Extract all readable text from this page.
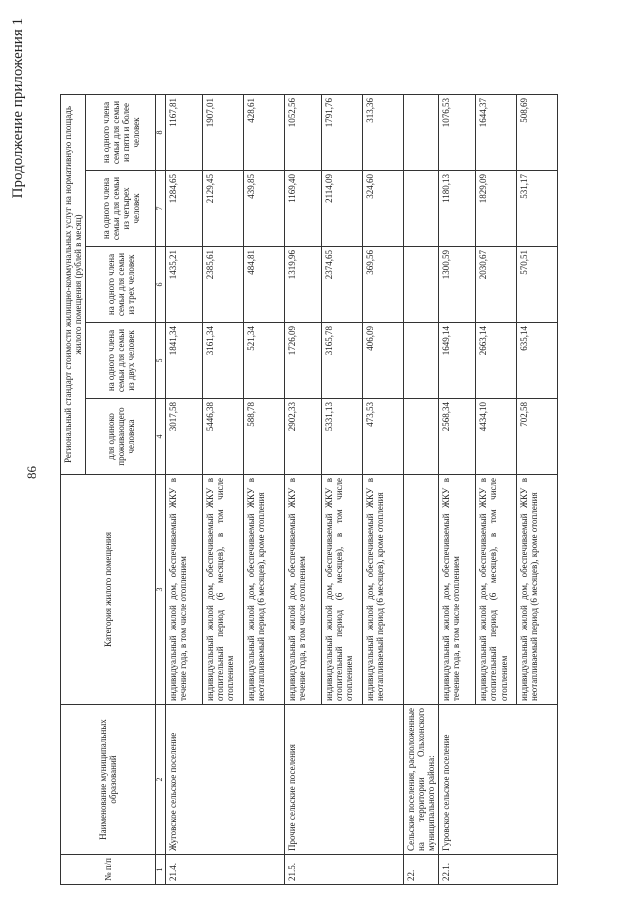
86
Продолжение приложения 1
№ п/п	Наименование муниципальных образований	Категория жилого помещения	Региональный стандарт стоимости жилищно-коммунальных услуг на нормативную площадь жилого помещения (рублей в месяц)				
			для одиноко проживающего человека	на одного члена семьи для семьи из двух человек	на одного члена семьи для семьи из трех человек	на одного члена семьи для семьи из четырех человек	на одного члена семьи для семьи из пяти и более человек
1	2	3	4	5	6	7	8
21.4.	Жуговское сельское поселение	индивидуальный жилой дом, обеспечиваемый ЖКУ в течение года, в том числе отоплением	3017,58	1841,34	1435,21	1284,65	1167,81
		индивидуальный жилой дом, обеспечиваемый ЖКУ в отопительный период (6 месяцев), в том числе отоплением	5446,38	3161,34	2385,61	2129,45	1907,01
		индивидуальный жилой дом, обеспечиваемый ЖКУ в неотапливаемый период (6 месяцев), кроме отопления	588,78	521,34	484,81	439,85	428,61
21.5.	Прочие сельские поселения	индивидуальный жилой дом, обеспечиваемый ЖКУ в течение года, в том числе отоплением	2902,33	1726,09	1319,96	1169,40	1052,56
		индивидуальный жилой дом, обеспечиваемый ЖКУ в отопительный период (6 месяцев), в том числе отоплением	5331,13	3165,78	2374,65	2114,09	1791,76
		индивидуальный жилой дом, обеспечиваемый ЖКУ в неотапливаемый период (6 месяцев), кроме отопления	473,53	406,09	369,56	324,60	313,36
22.	Сельские поселения, расположенные на территории Ольхонского муниципального района:						
22.1.	Гуровское сельское поселение	индивидуальный жилой дом, обеспечиваемый ЖКУ в течение года, в том числе отоплением	2568,34	1649,14	1300,59	1180,13	1076,53
		индивидуальный жилой дом, обеспечиваемый ЖКУ в отопительный период (6 месяцев), в том числе отоплением	4434,10	2663,14	2030,67	1829,09	1644,37
		индивидуальный жилой дом, обеспечиваемый ЖКУ в неотапливаемый период (6 месяцев), кроме отопления	702,58	635,14	570,51	531,17	508,69
